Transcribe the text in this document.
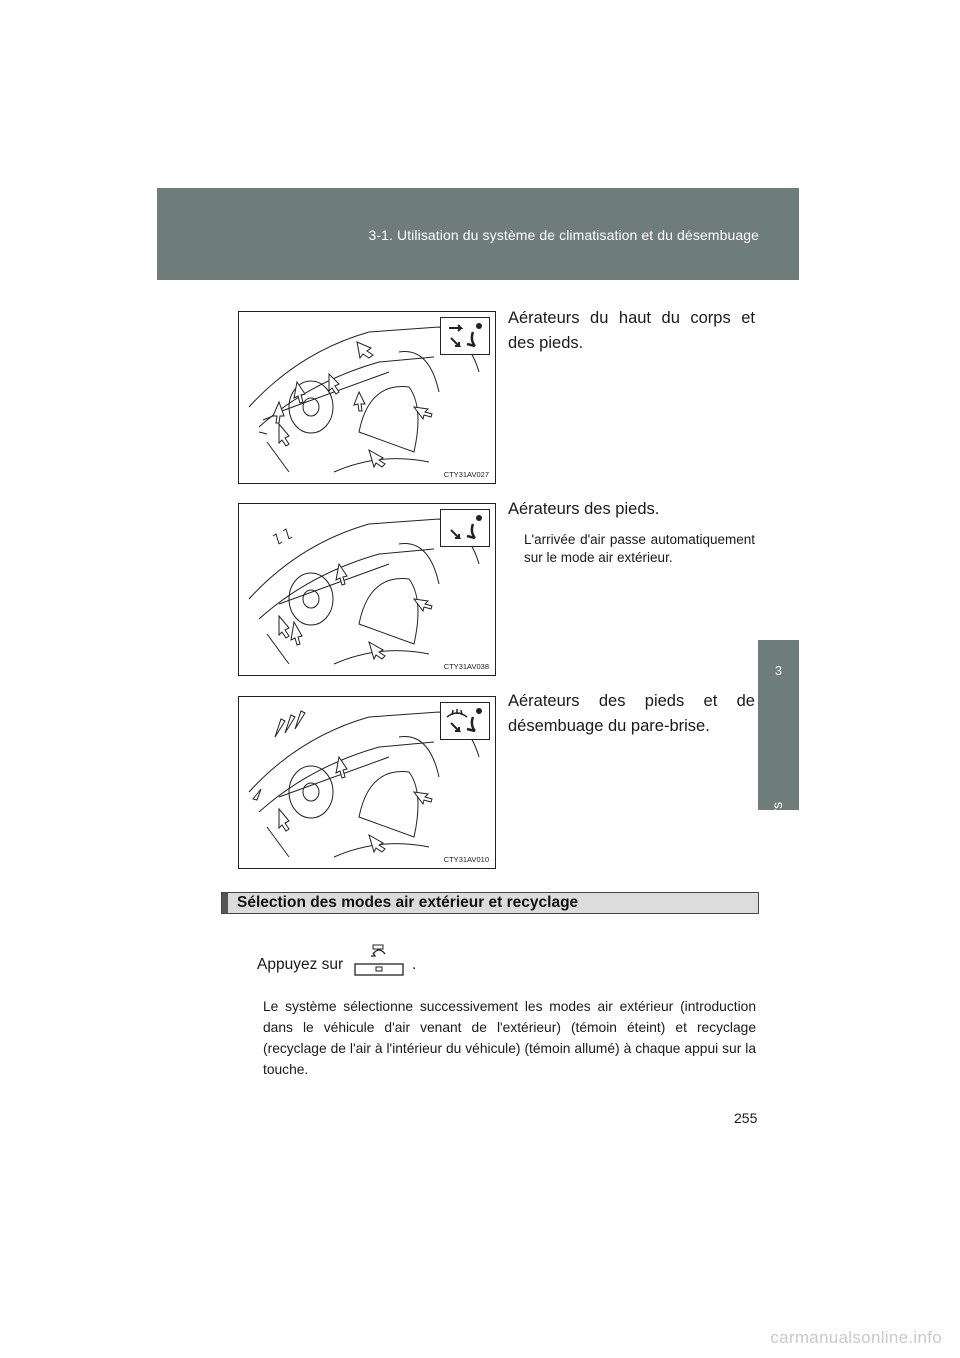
3-1. Utilisation du système de climatisation et du désembuage
3
Équipements intérieurs
CTY31AV027
Aérateurs du haut du corps et des pieds.
CTY31AV038
Aérateurs des pieds.
L'arrivée d'air passe automatiquement sur le mode air extérieur.
CTY31AV010
Aérateurs des pieds et de désembuage du pare-brise.
Sélection des modes air extérieur et recyclage
Appuyez sur	.
Le système sélectionne successivement les modes air extérieur (introduction dans le véhicule d'air venant de l'extérieur) (témoin éteint) et recyclage (recyclage de l'air à l'intérieur du véhicule) (témoin allumé) à chaque appui sur la touche.
255
carmanualsonline.info
